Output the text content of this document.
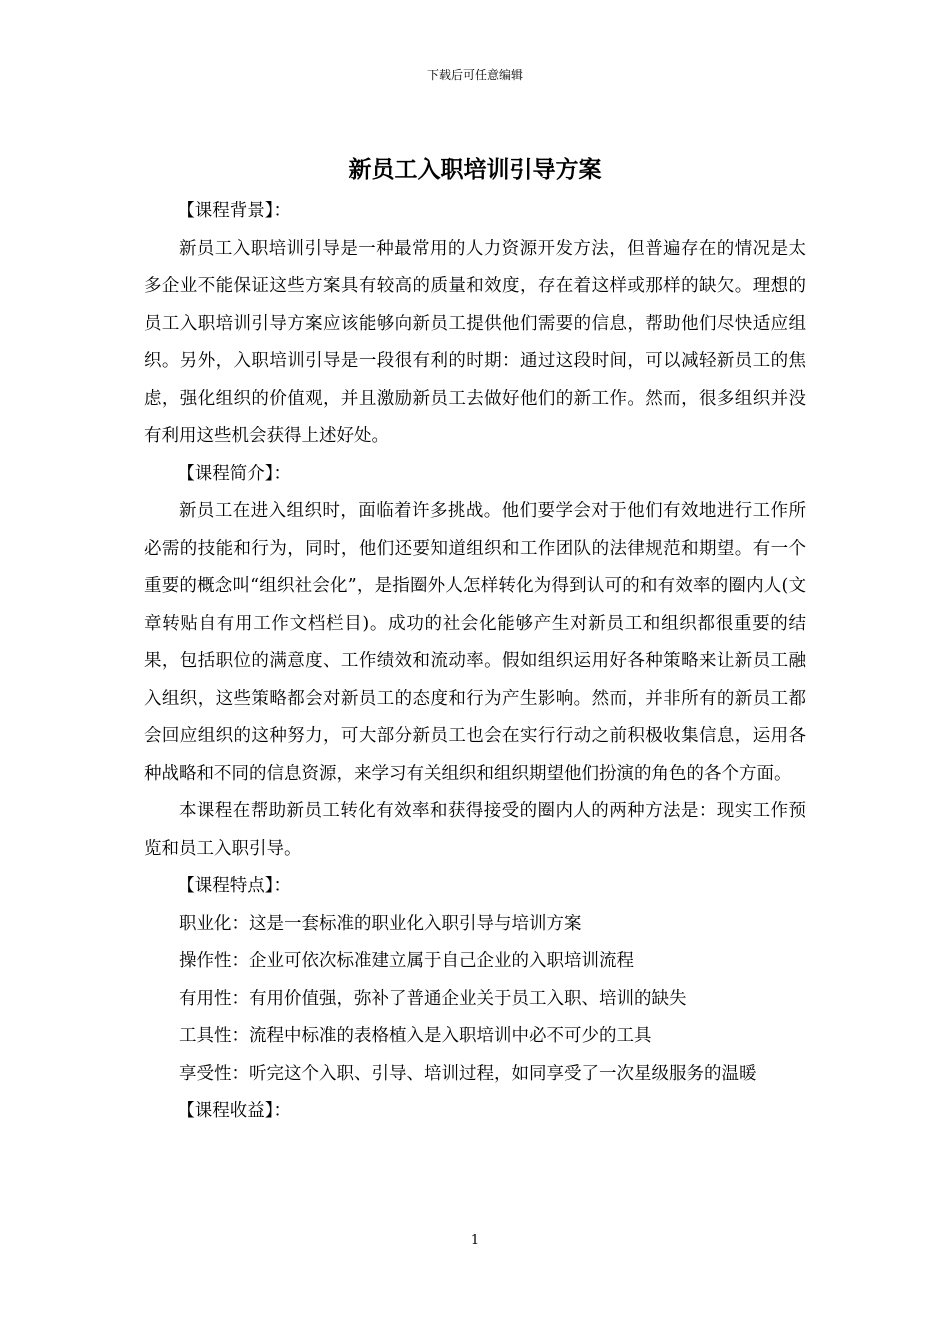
下载后可任意编辑
新员工入职培训引导方案

【课程背景】：

新员工入职培训引导是一种最常用的人力资源开发方法，但普遍存在的情况是太多企业不能保证这些方案具有较高的质量和效度，存在着这样或那样的缺欠。理想的员工入职培训引导方案应该能够向新员工提供他们需要的信息，帮助他们尽快适应组织。另外，入职培训引导是一段很有利的时期：通过这段时间，可以减轻新员工的焦虑，强化组织的价值观，并且激励新员工去做好他们的新工作。然而，很多组织并没有利用这些机会获得上述好处。

【课程简介】：

新员工在进入组织时，面临着许多挑战。他们要学会对于他们有效地进行工作所必需的技能和行为，同时，他们还要知道组织和工作团队的法律规范和期望。有一个重要的概念叫“组织社会化”，是指圈外人怎样转化为得到认可的和有效率的圈内人(文章转贴自有用工作文档栏目)。成功的社会化能够产生对新员工和组织都很重要的结果，包括职位的满意度、工作绩效和流动率。假如组织运用好各种策略来让新员工融入组织，这些策略都会对新员工的态度和行为产生影响。然而，并非所有的新员工都会回应组织的这种努力，可大部分新员工也会在实行行动之前积极收集信息，运用各种战略和不同的信息资源，来学习有关组织和组织期望他们扮演的角色的各个方面。

本课程在帮助新员工转化有效率和获得接受的圈内人的两种方法是：现实工作预览和员工入职引导。

【课程特点】：

职业化：这是一套标准的职业化入职引导与培训方案

操作性：企业可依次标准建立属于自己企业的入职培训流程

有用性：有用价值强，弥补了普通企业关于员工入职、培训的缺失

工具性：流程中标准的表格植入是入职培训中必不可少的工具

享受性：听完这个入职、引导、培训过程，如同享受了一次星级服务的温暖

【课程收益】：

1
